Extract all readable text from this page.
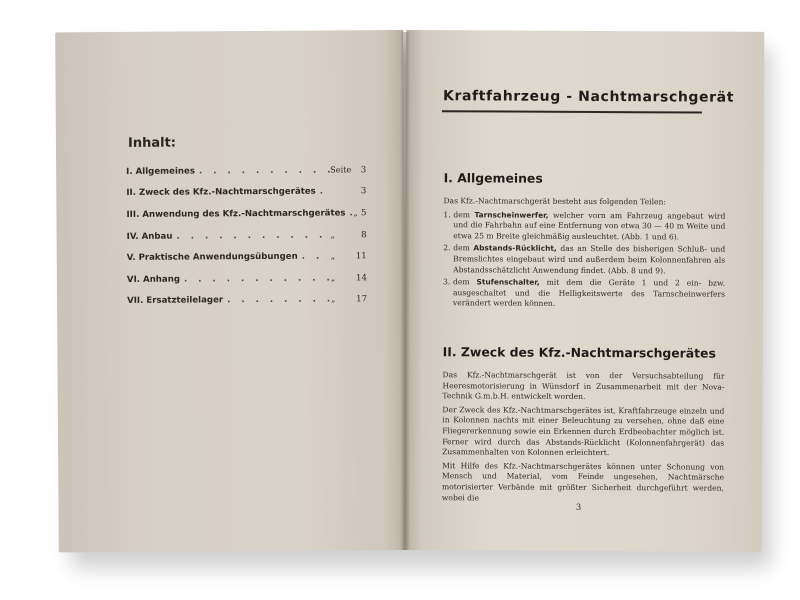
Inhalt:
I. Allgemeines . . .	Seite	3
II. Zweck des Kfz.-Nachtmarschgerätes . . .	3
III. Anwendung des Kfz.-Nachtmarschgerätes . . . „ 5
IV. Anbau . . .	„	8
V. Praktische Anwendungsübungen . . .	„	11
VI. Anhang . . .	„	14
VII. Ersatzteilelager . . .	„	17
Kraftfahrzeug - Nachtmarschgerät
I. Allgemeines

Das Kfz.-Nachtmarschgerät besteht aus folgenden Teilen:

1. dem Tarnscheinwerfer, welcher vorn am Fahrzeug angebaut wird und die Fahrbahn auf eine Entfernung von etwa 30 — 40 m Weite und etwa 25 m Breite gleichmäßig ausleuchtet. (Abb. 1 und 6).
2. dem Abstands-Rücklicht, das an Stelle des bisherigen Schluß- und Bremslichtes eingebaut wird und außerdem beim Kolonnenfahren als Abstandsschätzlicht Anwendung findet. (Abb. 8 und 9).
3. dem Stufenschalter, mit dem die Geräte 1 und 2 ein- bzw. ausgeschaltet und die Helligkeitswerte des Tarnscheinwerfers verändert werden können.
II. Zweck des Kfz.-Nachtmarschgerätes

Das Kfz.-Nachtmarschgerät ist von der Versuchsabteilung für Heeresmotorisierung in Wünsdorf in Zusammenarbeit mit der Nova-Technik G.m.b.H. entwickelt worden.

Der Zweck des Kfz.-Nachtmarschgerätes ist, Kraftfahrzeuge einzeln und in Kolonnen nachts mit einer Beleuchtung zu versehen, ohne daß eine Fliegererkennung sowie ein Erkennen durch Erdbeobachter möglich ist. Ferner wird durch das Abstands-Rücklicht (Kolonnenfahrgerät) das Zusammenhalten von Kolonnen erleichtert.

Mit Hilfe des Kfz.-Nachtmarschgerätes können unter Schonung von Mensch und Material, vom Feinde ungesehen, Nachtmärsche motorisierter Verbände mit größter Sicherheit durchgeführt werden, wobei die

3
